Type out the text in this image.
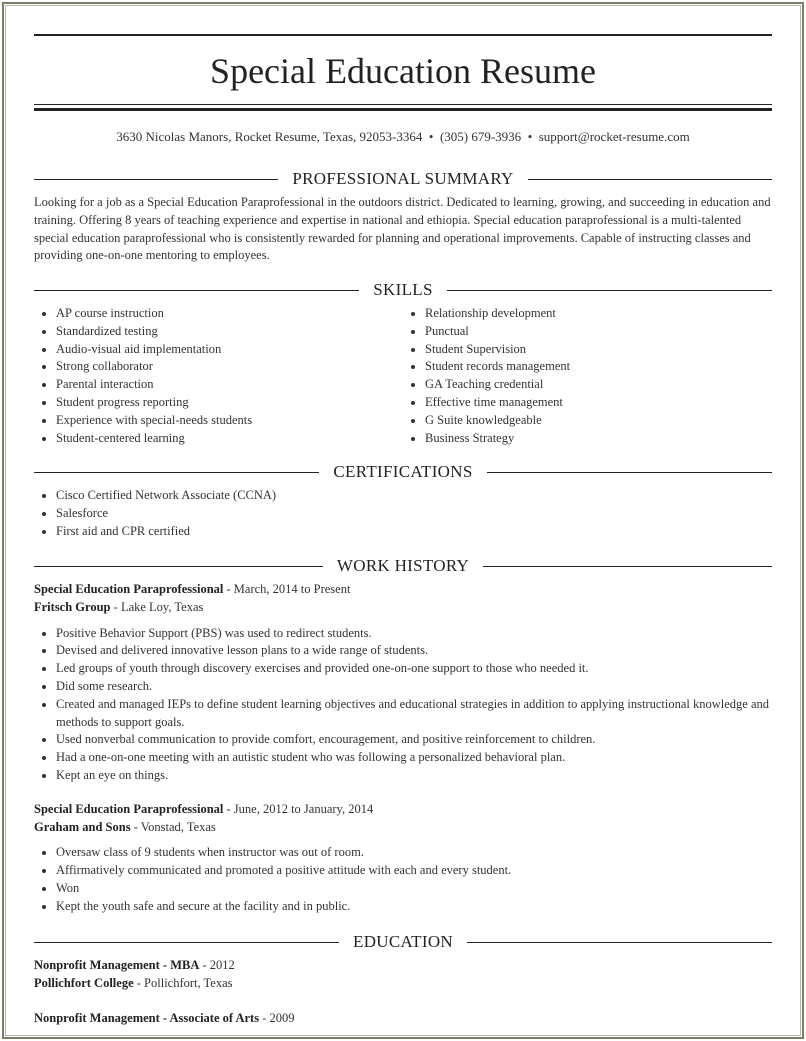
Special Education Resume
3630 Nicolas Manors, Rocket Resume, Texas, 92053-3364 • (305) 679-3936 • support@rocket-resume.com
PROFESSIONAL SUMMARY

Looking for a job as a Special Education Paraprofessional in the outdoors district. Dedicated to learning, growing, and succeeding in education and training. Offering 8 years of teaching experience and expertise in national and ethiopia. Special education paraprofessional is a multi-talented special education paraprofessional who is consistently rewarded for planning and operational improvements. Capable of instructing classes and providing one-on-one mentoring to employees.

SKILLS
• AP course instruction
• Standardized testing
• Audio-visual aid implementation
• Strong collaborator
• Parental interaction
• Student progress reporting
• Experience with special-needs students
• Student-centered learning
• Relationship development
• Punctual
• Student Supervision
• Student records management
• GA Teaching credential
• Effective time management
• G Suite knowledgeable
• Business Strategy
CERTIFICATIONS
• Cisco Certified Network Associate (CCNA)
• Salesforce
• First aid and CPR certified
WORK HISTORY

Special Education Paraprofessional - March, 2014 to Present

Fritsch Group - Lake Loy, Texas

• Positive Behavior Support (PBS) was used to redirect students.
• Devised and delivered innovative lesson plans to a wide range of students.
• Led groups of youth through discovery exercises and provided one-on-one support to those who needed it.
• Did some research.
• Created and managed IEPs to define student learning objectives and educational strategies in addition to applying instructional knowledge and methods to support goals.
• Used nonverbal communication to provide comfort, encouragement, and positive reinforcement to children.
• Had a one-on-one meeting with an autistic student who was following a personalized behavioral plan.
• Kept an eye on things.

Special Education Paraprofessional - June, 2012 to January, 2014

Graham and Sons - Vonstad, Texas

• Oversaw class of 9 students when instructor was out of room.
• Affirmatively communicated and promoted a positive attitude with each and every student.
• Won
• Kept the youth safe and secure at the facility and in public.
EDUCATION

Nonprofit Management - MBA - 2012

Pollichfort College - Pollichfort, Texas

Nonprofit Management - Associate of Arts - 2009
